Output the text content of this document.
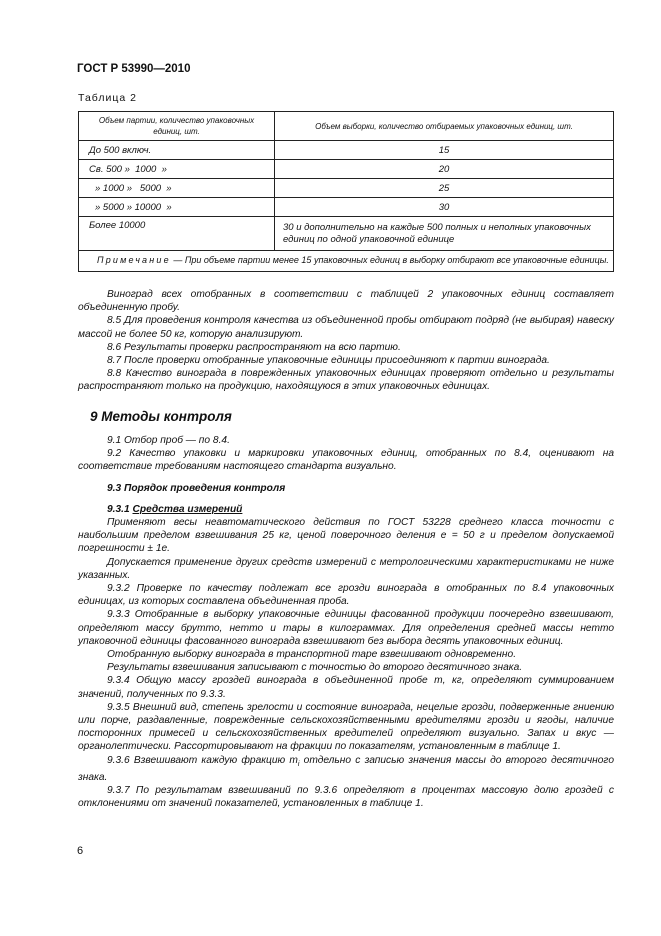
ГОСТ Р 53990—2010
Таблица 2
Объем партии, количество упаковочных единиц, шт.	Объем выборки, количество отбираемых упаковочных единиц, шт.
До 500 включ.	15
Св. 500 »  1000  »	20
» 1000 »   5000  »	25
» 5000 » 10000  »	30
Более 10000	30 и дополнительно на каждые 500 полных и неполных упаковочных единиц по одной упаковочной единице
Примечание — При объеме партии менее 15 упаковочных единиц в выборку отбирают все упаковочные единицы.	

Виноград всех отобранных в соответствии с таблицей 2 упаковочных единиц составляет объединенную пробу.

8.5 Для проведения контроля качества из объединенной пробы отбирают подряд (не выбирая) навеску массой не более 50 кг, которую анализируют.

8.6 Результаты проверки распространяют на всю партию.

8.7 После проверки отобранные упаковочные единицы присоединяют к партии винограда.

8.8 Качество винограда в поврежденных упаковочных единицах проверяют отдельно и результаты распространяют только на продукцию, находящуюся в этих упаковочных единицах.

9 Методы контроля

9.1 Отбор проб — по 8.4.

9.2 Качество упаковки и маркировки упаковочных единиц, отобранных по 8.4, оценивают на соответствие требованиям настоящего стандарта визуально.

9.3 Порядок проведения контроля

9.3.1 Средства измерений

Применяют весы неавтоматического действия по ГОСТ 53228 среднего класса точности с наибольшим пределом взвешивания 25 кг, ценой поверочного деления е = 50 г и пределом допускаемой погрешности ± 1е.

Допускается применение других средств измерений с метрологическими характеристиками не ниже указанных.

9.3.2 Проверке по качеству подлежат все грозди винограда в отобранных по 8.4 упаковочных единицах, из которых составлена объединенная проба.

9.3.3 Отобранные в выборку упаковочные единицы фасованной продукции поочередно взвешивают, определяют массу брутто, нетто и тары в килограммах. Для определения средней массы нетто упаковочной единицы фасованного винограда взвешивают без выбора десять упаковочных единиц.

Отобранную выборку винограда в транспортной таре взвешивают одновременно.

Результаты взвешивания записывают с точностью до второго десятичного знака.

9.3.4 Общую массу гроздей винограда в объединенной пробе m, кг, определяют суммированием значений, полученных по 9.3.3.

9.3.5 Внешний вид, степень зрелости и состояние винограда, нецелые грозди, подверженные гниению или порче, раздавленные, поврежденные сельскохозяйственными вредителями грозди и ягоды, наличие посторонних примесей и сельскохозяйственных вредителей определяют визуально. Запах и вкус — органолептически. Рассортировывают на фракции по показателям, установленным в таблице 1.

9.3.6 Взвешивают каждую фракцию $m_i$ отдельно с записью значения массы до второго десятичного знака.

9.3.7 По результатам взвешиваний по 9.3.6 определяют в процентах массовую долю гроздей с отклонениями от значений показателей, установленных в таблице 1.

6
